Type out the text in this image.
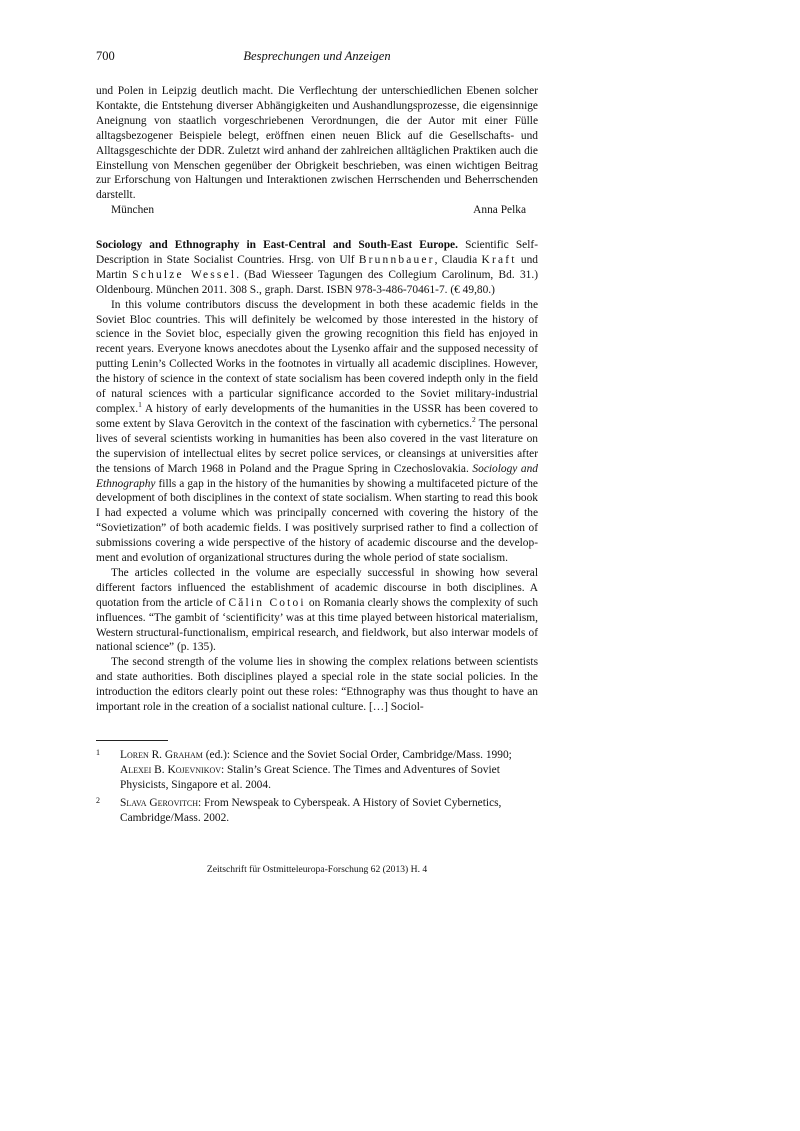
700	Besprechungen und Anzeigen

und Polen in Leipzig deutlich macht. Die Verflechtung der unterschiedlichen Ebenen solcher Kontakte, die Entstehung diverser Abhängigkeiten und Aushandlungsprozesse, die eigensinnige Aneignung von staatlich vorgeschriebenen Verordnungen, die der Autor mit einer Fülle alltagsbezogener Beispiele belegt, eröffnen einen neuen Blick auf die Gesellschafts- und Alltagsgeschichte der DDR. Zuletzt wird anhand der zahlreichen alltäglichen Praktiken auch die Einstellung von Menschen gegenüber der Obrigkeit beschrieben, was einen wichtigen Beitrag zur Erforschung von Haltungen und Interaktionen zwischen Herrschenden und Beherrschenden darstellt.

München	Anna Pelka

Sociology and Ethnography in East-Central and South-East Europe. Scientific Self-Description in State Socialist Countries. Hrsg. von Ulf Brunnbauer, Claudia Kraft und Martin Schulze Wessel. (Bad Wiesseer Tagungen des Collegium Carolinum, Bd. 31.) Oldenbourg. München 2011. 308 S., graph. Darst. ISBN 978-3-486-70461-7. (€ 49,80.)

In this volume contributors discuss the development in both these academic fields in the Soviet Bloc countries. This will definitely be welcomed by those interested in the history of science in the Soviet bloc, especially given the growing recognition this field has enjoyed in recent years. Everyone knows anecdotes about the Lysenko affair and the supposed necessity of putting Lenin’s Collected Works in the footnotes in virtually all academic disciplines. However, the history of science in the context of state socialism has been covered indepth only in the field of natural sciences with a particular significance accorded to the Soviet military-industrial complex.$^1$ A history of early developments of the humanities in the USSR has been covered to some extent by Slava Gerovitch in the context of the fascination with cybernetics.$^2$ The personal lives of several scientists working in humanities has been also covered in the vast literature on the supervision of intellectual elites by secret police services, or cleansings at universities after the tensions of March 1968 in Poland and the Prague Spring in Czechoslovakia. Sociology and Ethnography fills a gap in the history of the humanities by showing a multifaceted picture of the development of both disciplines in the context of state socialism. When starting to read this book I had expected a volume which was principally concerned with covering the history of the “Sovietization” of both academic fields. I was positively surprised rather to find a collection of submissions covering a wide perspective of the history of academic discourse and the development and evolution of organizational structures during the whole period of state socialism.

The articles collected in the volume are especially successful in showing how several different factors influenced the establishment of academic discourse in both disciplines. A quotation from the article of Călin Cotoi on Romania clearly shows the complexity of such influences. “The gambit of ‘scientificity’ was at this time played between historical materialism, Western structural-functionalism, empirical research, and fieldwork, but also interwar models of national science” (p. 135).

The second strength of the volume lies in showing the complex relations between scientists and state authorities. Both disciplines played a special role in the state social policies. In the introduction the editors clearly point out these roles: “Ethnography was thus thought to have an important role in the creation of a socialist national culture. […] Sociol-

1 Loren R. Graham (ed.): Science and the Soviet Social Order, Cambridge/Mass. 1990; Alexei B. Kojevnikov: Stalin’s Great Science. The Times and Adventures of Soviet Physicists, Singapore et al. 2004.
2 Slava Gerovitch: From Newspeak to Cyberspeak. A History of Soviet Cybernetics, Cambridge/Mass. 2002.
Zeitschrift für Ostmitteleuropa-Forschung 62 (2013) H. 4
